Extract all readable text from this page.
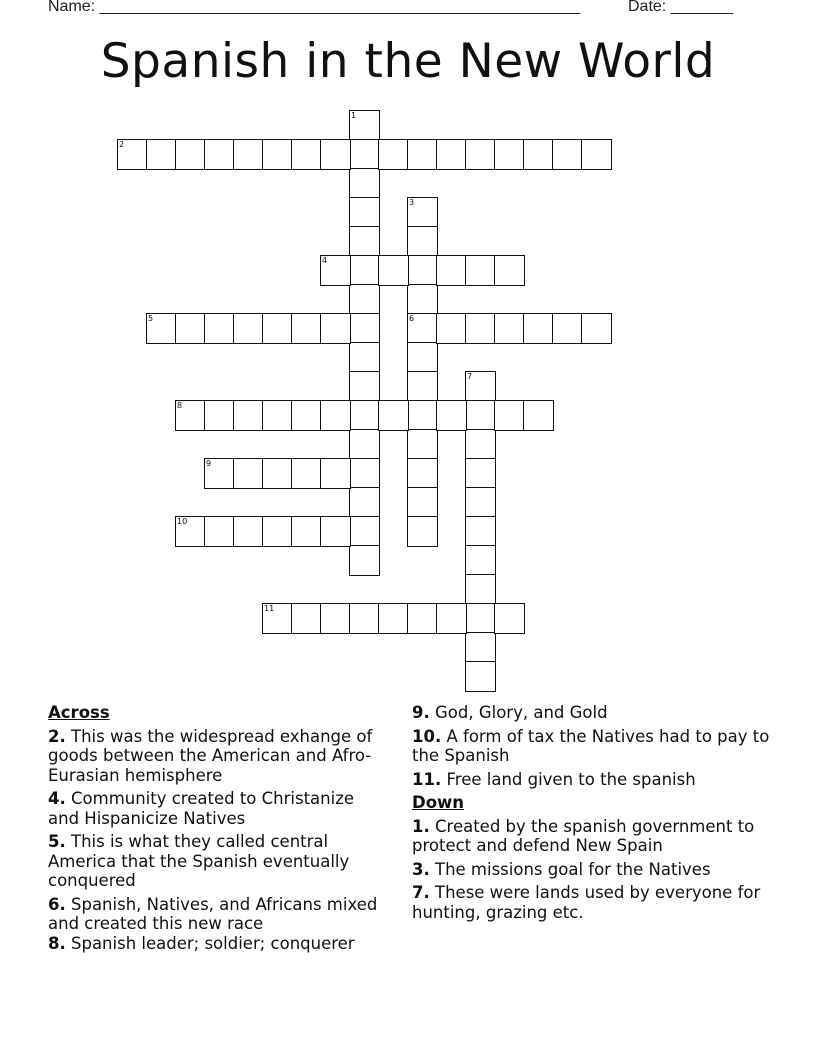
Name: ______________________________________________________	Date: _______
Spanish in the New World
1
2
3
6
4
5
7
8
9
10
11
Across
2. This was the widespread exhange of goods between the American and Afro-Eurasian hemisphere
4. Community created to Christanize and Hispanicize Natives
5. This is what they called central America that the Spanish eventually conquered
6. Spanish, Natives, and Africans mixed and created this new race
8. Spanish leader; soldier; conquerer
9. God, Glory, and Gold
10. A form of tax the Natives had to pay to the Spanish
11. Free land given to the spanish
Down
1. Created by the spanish government to protect and defend New Spain
3. The missions goal for the Natives
7. These were lands used by everyone for hunting, grazing etc.
